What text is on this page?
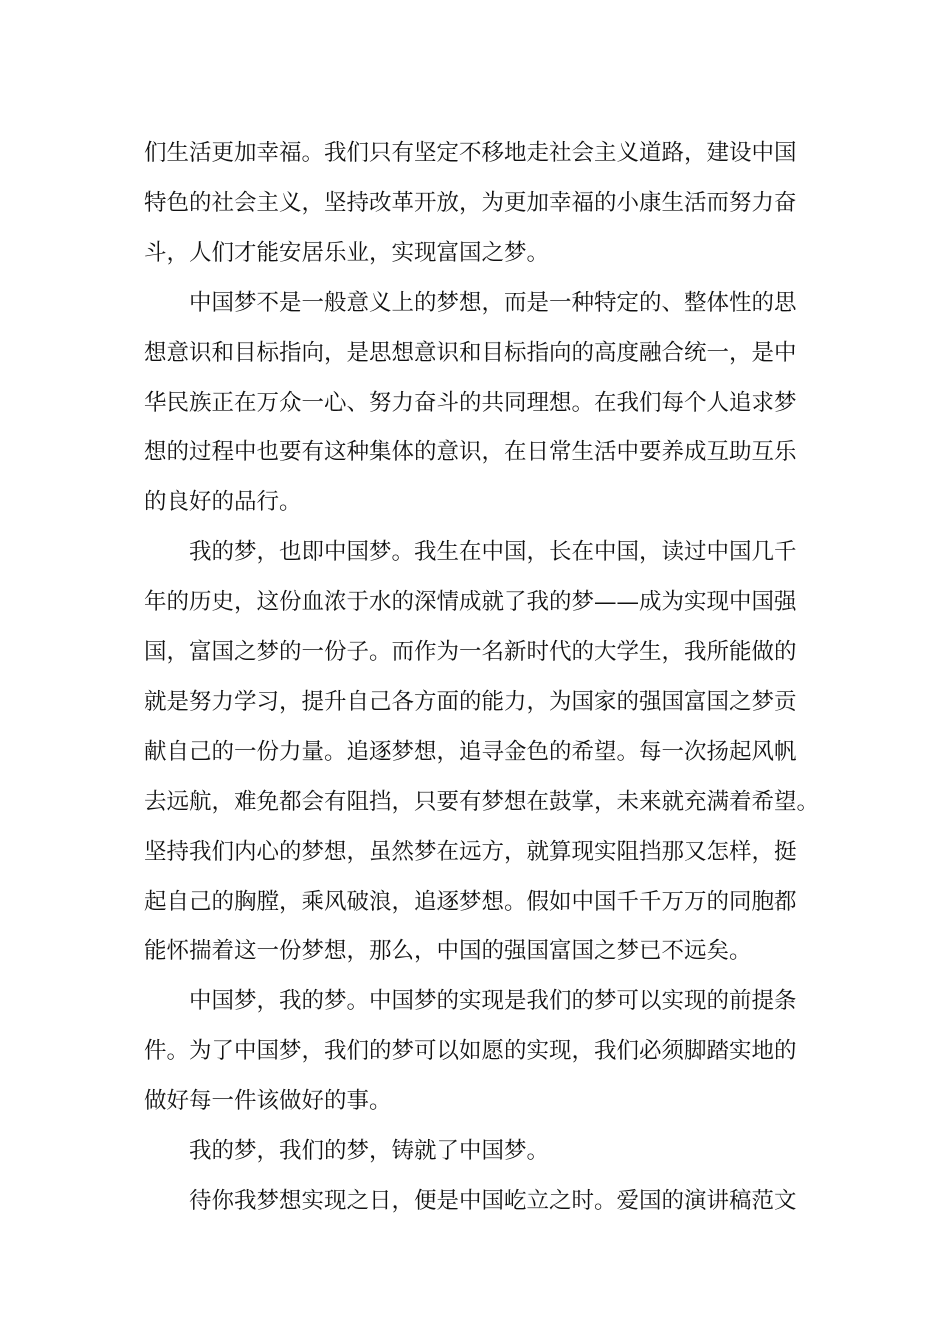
们生活更加幸福。我们只有坚定不移地走社会主义道路，建设中国
特色的社会主义，坚持改革开放，为更加幸福的小康生活而努力奋
斗，人们才能安居乐业，实现富国之梦。
中国梦不是一般意义上的梦想，而是一种特定的、整体性的思
想意识和目标指向，是思想意识和目标指向的高度融合统一，是中
华民族正在万众一心、努力奋斗的共同理想。在我们每个人追求梦
想的过程中也要有这种集体的意识，在日常生活中要养成互助互乐
的良好的品行。
我的梦，也即中国梦。我生在中国，长在中国，读过中国几千
年的历史，这份血浓于水的深情成就了我的梦——成为实现中国强
国，富国之梦的一份子。而作为一名新时代的大学生，我所能做的
就是努力学习，提升自己各方面的能力，为国家的强国富国之梦贡
献自己的一份力量。追逐梦想，追寻金色的希望。每一次扬起风帆
去远航，难免都会有阻挡，只要有梦想在鼓掌，未来就充满着希望。
坚持我们内心的梦想，虽然梦在远方，就算现实阻挡那又怎样，挺
起自己的胸膛，乘风破浪，追逐梦想。假如中国千千万万的同胞都
能怀揣着这一份梦想，那么，中国的强国富国之梦已不远矣。
中国梦，我的梦。中国梦的实现是我们的梦可以实现的前提条
件。为了中国梦，我们的梦可以如愿的实现，我们必须脚踏实地的
做好每一件该做好的事。
我的梦，我们的梦，铸就了中国梦。
待你我梦想实现之日，便是中国屹立之时。爱国的演讲稿范文
